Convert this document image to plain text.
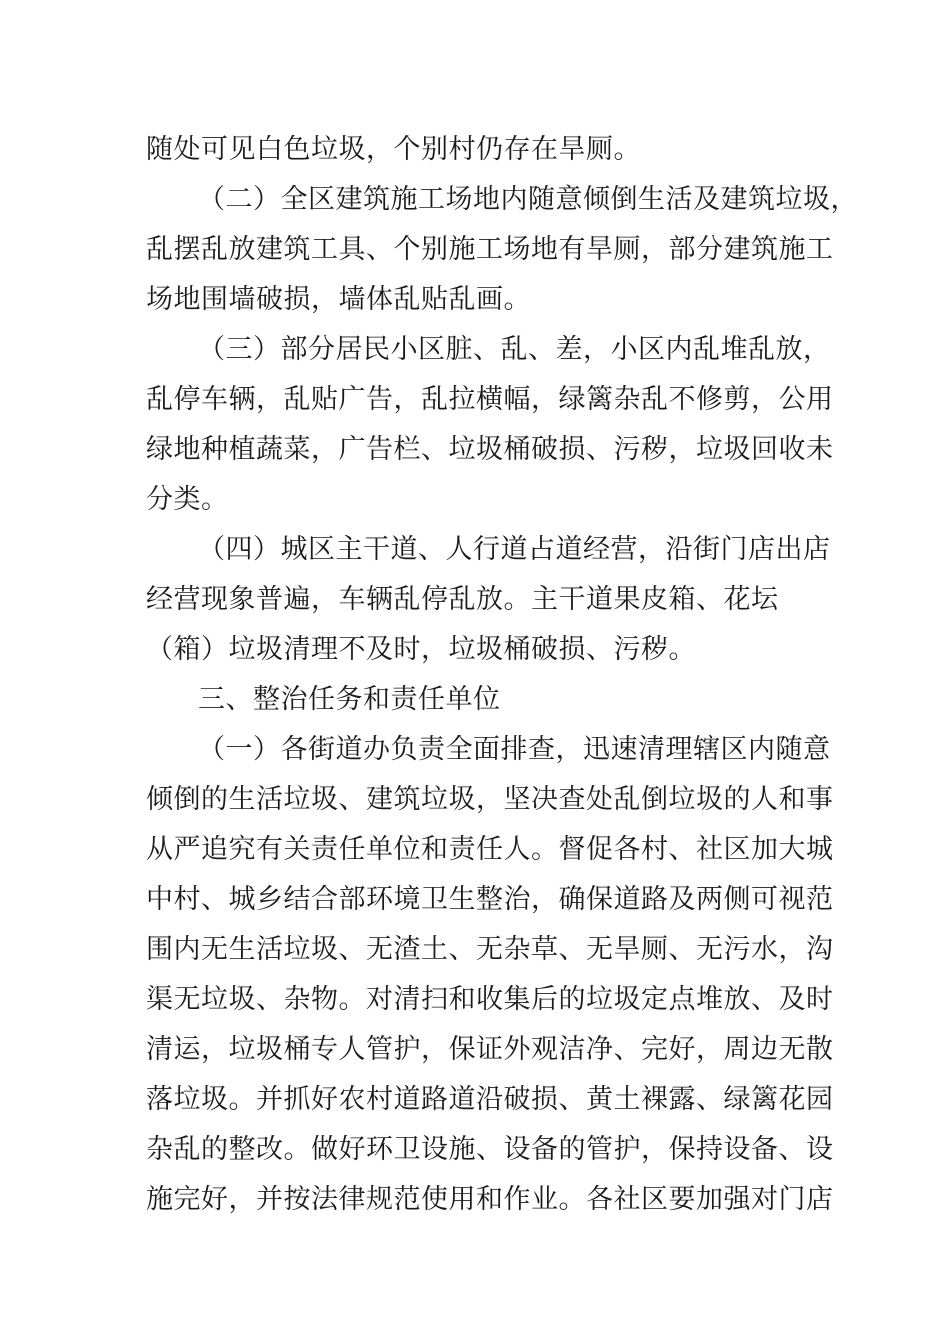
随处可见白色垃圾，个别村仍存在旱厕。
（二）全区建筑施工场地内随意倾倒生活及建筑垃圾，
乱摆乱放建筑工具、个别施工场地有旱厕，部分建筑施工
场地围墙破损，墙体乱贴乱画。
（三）部分居民小区脏、乱、差，小区内乱堆乱放，
乱停车辆，乱贴广告，乱拉横幅，绿篱杂乱不修剪，公用
绿地种植蔬菜，广告栏、垃圾桶破损、污秽，垃圾回收未
分类。
（四）城区主干道、人行道占道经营，沿街门店出店
经营现象普遍，车辆乱停乱放。主干道果皮箱、花坛
（箱）垃圾清理不及时，垃圾桶破损、污秽。
三、整治任务和责任单位
（一）各街道办负责全面排查，迅速清理辖区内随意
倾倒的生活垃圾、建筑垃圾，坚决查处乱倒垃圾的人和事
从严追究有关责任单位和责任人。督促各村、社区加大城
中村、城乡结合部环境卫生整治，确保道路及两侧可视范
围内无生活垃圾、无渣土、无杂草、无旱厕、无污水，沟
渠无垃圾、杂物。对清扫和收集后的垃圾定点堆放、及时
清运，垃圾桶专人管护，保证外观洁净、完好，周边无散
落垃圾。并抓好农村道路道沿破损、黄土裸露、绿篱花园
杂乱的整改。做好环卫设施、设备的管护，保持设备、设
施完好，并按法律规范使用和作业。各社区要加强对门店
